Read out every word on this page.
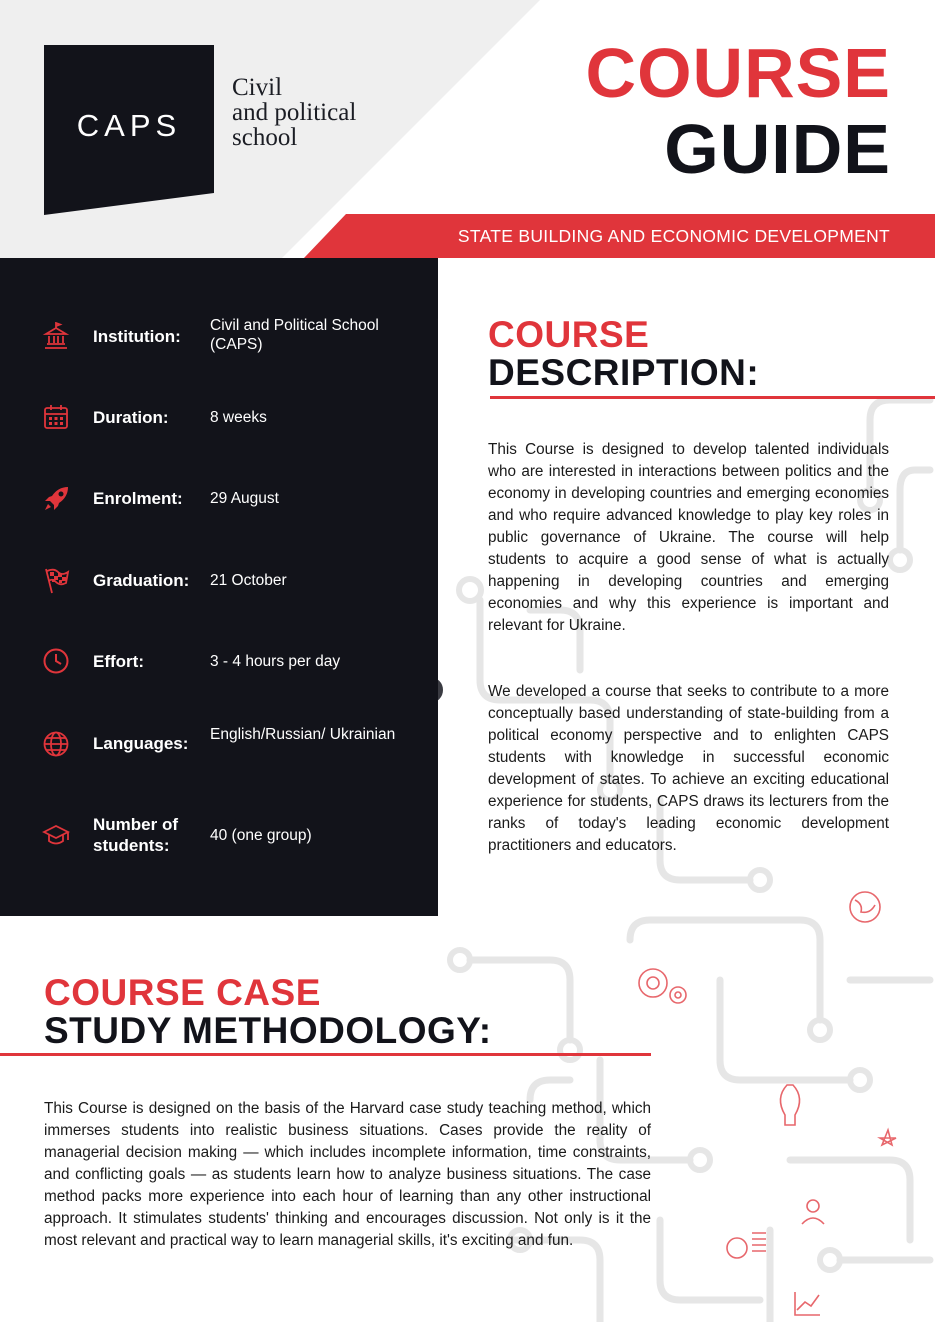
CAPS
Civil
and political
school
COURSE
GUIDE
STATE BUILDING AND ECONOMIC DEVELOPMENT
Institution:
Civil and Political School (CAPS)
Duration:	8 weeks
Enrolment: 29 August
Graduation: 21 October
Effort:	3 - 4 hours per day
Languages: English/Russian/ Ukrainian
Number of students:
40 (one group)
COURSE
DESCRIPTION:
This Course is designed to develop talented individuals who are interested in interactions between politics and the economy in developing countries and emerging economies and who require advanced knowledge to play key roles in public governance of Ukraine. The course will help students to acquire a good sense of what is actually happening in developing countries and emerging economies and why this experience is important and relevant for Ukraine.
We developed a course that seeks to contribute to a more conceptually based understanding of state-building from a political economy perspective and to enlighten CAPS students with knowledge in successful economic development of states. To achieve an exciting educational experience for students, CAPS draws its lecturers from the ranks of today's leading economic development practitioners and educators.
COURSE CASE
STUDY METHODOLOGY:
This Course is designed on the basis of the Harvard case study teaching method, which immerses students into realistic business situations. Cases provide the reality of managerial decision making — which includes incomplete information, time constraints, and conflicting goals — as students learn how to analyze business situations. The case method packs more experience into each hour of learning than any other instructional approach. It stimulates students' thinking and encourages discussion. Not only is it the most relevant and practical way to learn managerial skills, it's exciting and fun.
